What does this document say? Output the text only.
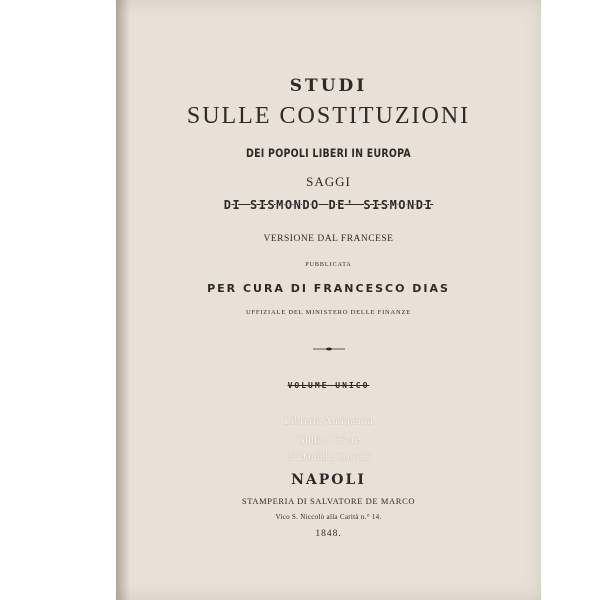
STUDI

SULLE COSTITUZIONI

DEI POPOLI LIBERI IN EUROPA

SAGGI

DI SISMONDO DE' SISMONDI

VERSIONE DAL FRANCESE

PUBBLICATA

PER CURA DI FRANCESCO DIAS

UFFIZIALE DEL MINISTERO DELLE FINANZE

VOLUME UNICO

Libreria Antiquaria
Giulio Cesare
di Daniele Corradi

NAPOLI

STAMPERIA DI SALVATORE DE MARCO

Vico S. Niccolò alla Carità n.° 14.

1848.
